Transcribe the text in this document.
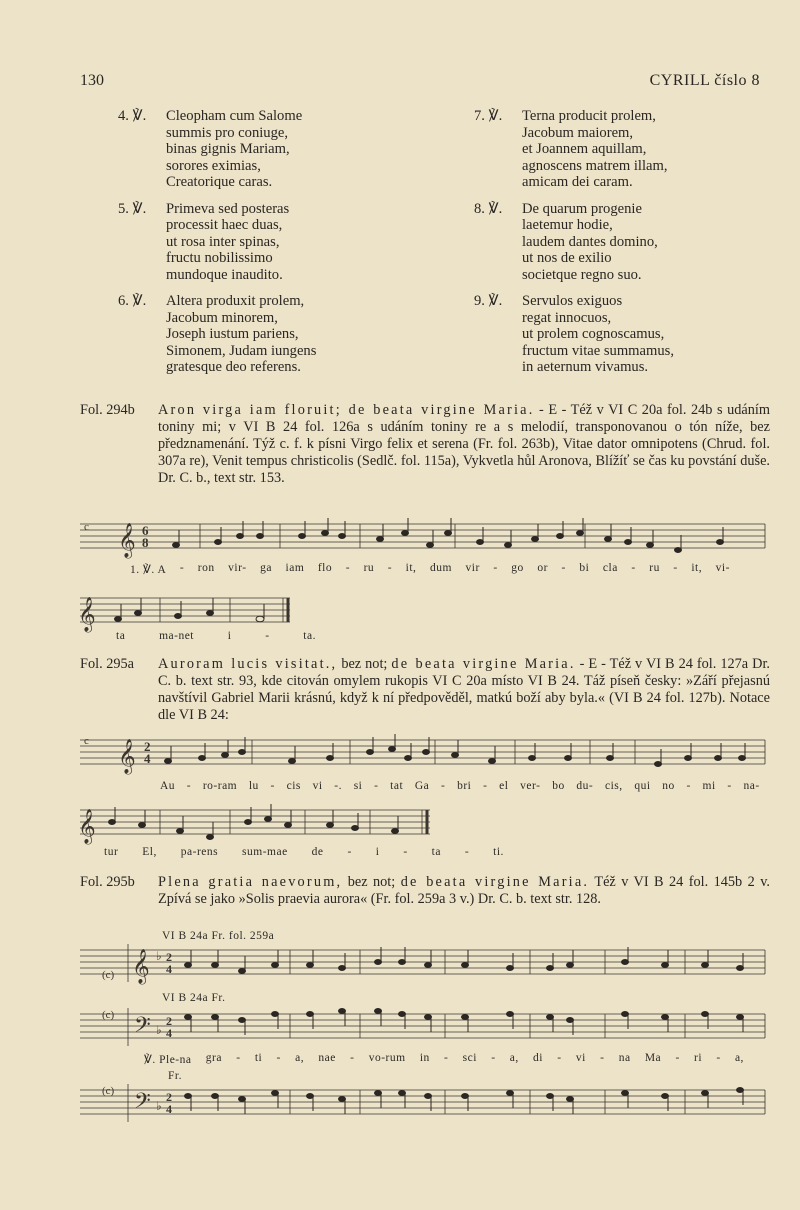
130	CYRILL číslo 8
4. ℣.	Cleopham cum Salome
summis pro coniuge,
binas gignis Mariam,
sorores eximias,
Creatorique caras.
5. ℣.	Primeva sed posteras
processit haec duas,
ut rosa inter spinas,
fructu nobilissimo
mundoque inaudito.
6. ℣.	Altera produxit prolem,
Jacobum minorem,
Joseph iustum pariens,
Simonem, Judam iungens
gratesque deo referens.
7. ℣.	Terna producit prolem,
Jacobum maiorem,
et Joannem aquillam,
agnoscens matrem illam,
amicam dei caram.
8. ℣.	De quarum progenie
laetemur hodie,
laudem dantes domino,
ut nos de exilio
societque regno suo.
9. ℣.	Servulos exiguos
regat innocuos,
ut prolem cognoscamus,
fructum vitae summamus,
in aeternum vivamus.
Fol. 294b Aron virga iam floruit; de beata virgine Maria. - E - Též v VI C 20a fol. 24b s udáním toniny mi; v VI B 24 fol. 126a s udáním toniny re a s melodií, transponovanou o tón níže, bez předznamenání. Týž c. f. k písni Virgo felix et serena (Fr. fol. 263b), Vitae dator omnipotens (Chrud. fol. 307a re), Venit tempus christicolis (Sedlč. fol. 115a), Vykvetla hůl Aronova, Blížíť se čas ku povstání duše. Dr. C. b., text str. 153.
c 𝄞 6
8
1. ℣. A - ron vir- ga iam flo - ru - it, dum vir - go or - bi cla - ru - it, vi-
𝄞
ta	ma-net	i	-	ta.
Fol. 295a Auroram lucis visitat., bez not; de beata virgine Maria. - E - Též v VI B 24 fol. 127a Dr. C. b. text str. 93, kde citován omylem rukopis VI C 20a místo VI B 24. Táž píseň česky: »Září přejasnú navštívil Gabriel Marii krásnú, když k ní předpověděl, matkú boží aby byla.« (VI B 24 fol. 127b). Notace dle VI B 24:
c 𝄞 2
4
Au - ro-ram lu - cis vi -. si - tat Ga - bri - el ver- bo du- cis, qui no - mi - na-
𝄞
tur El, pa-rens sum-mae de - i - ta - ti.
Fol. 295b Plena gratia naevorum, bez not; de beata virgine Maria. Též v VI B 24 fol. 145b 2 v. Zpívá se jako »Solis praevia aurora« (Fr. fol. 259a 3 v.) Dr. C. b. text str. 128.
VI B 24a Fr. fol. 259a
(c) 𝄞 ♭ 2
4
VI B 24a Fr.
(c) 𝄢 ♭
2
4
℣. Ple-na gra - ti - a, nae - vo-rum in - sci - a, di - vi - na Ma - ri - a,
Fr.
(c) 𝄢 ♭
2
4
